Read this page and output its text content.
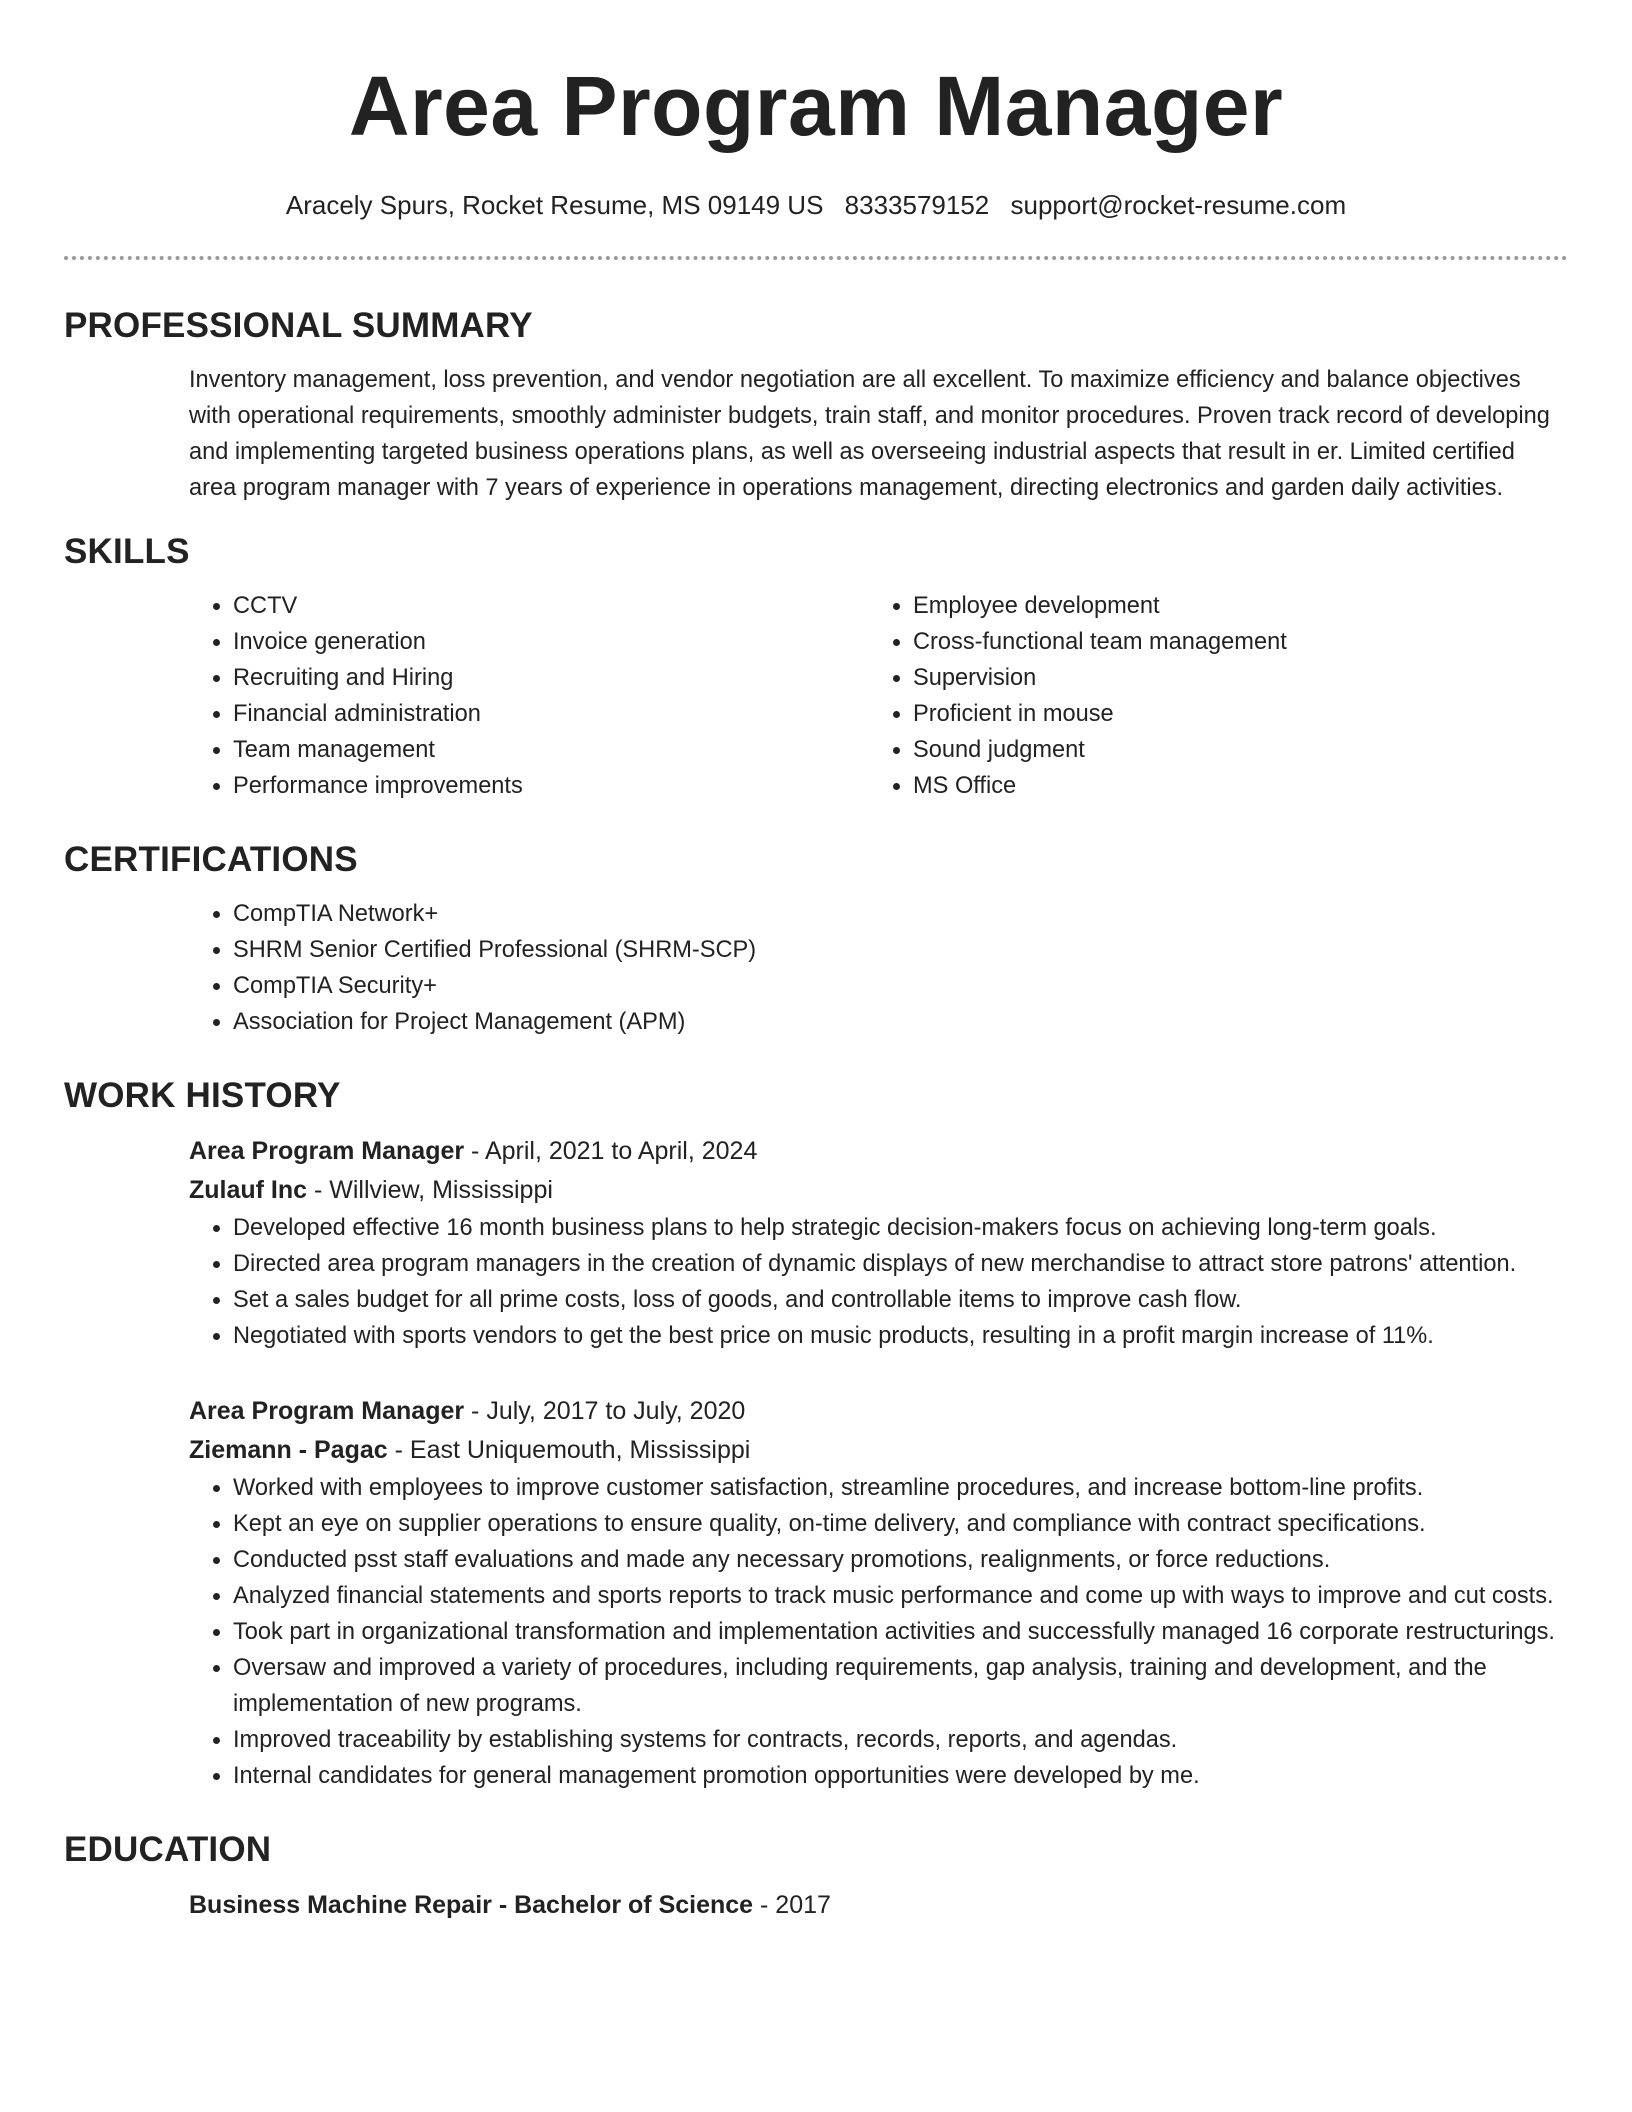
Area Program Manager
Aracely Spurs, Rocket Resume, MS 09149 US 8333579152 support@rocket-resume.com
PROFESSIONAL SUMMARY

Inventory management, loss prevention, and vendor negotiation are all excellent. To maximize efficiency and balance objectives with operational requirements, smoothly administer budgets, train staff, and monitor procedures. Proven track record of developing and implementing targeted business operations plans, as well as overseeing industrial aspects that result in er. Limited certified area program manager with 7 years of experience in operations management, directing electronics and garden daily activities.

SKILLS
• CCTV
• Invoice generation
• Recruiting and Hiring
• Financial administration
• Team management
• Performance improvements
• Employee development
• Cross-functional team management
• Supervision
• Proficient in mouse
• Sound judgment
• MS Office
CERTIFICATIONS
• CompTIA Network+
• SHRM Senior Certified Professional (SHRM-SCP)
• CompTIA Security+
• Association for Project Management (APM)
WORK HISTORY
Area Program Manager - April, 2021 to April, 2024
Zulauf Inc - Willview, Mississippi
• Developed effective 16 month business plans to help strategic decision-makers focus on achieving long-term goals.
• Directed area program managers in the creation of dynamic displays of new merchandise to attract store patrons' attention.
• Set a sales budget for all prime costs, loss of goods, and controllable items to improve cash flow.
• Negotiated with sports vendors to get the best price on music products, resulting in a profit margin increase of 11%.
Area Program Manager - July, 2017 to July, 2020
Ziemann - Pagac - East Uniquemouth, Mississippi
• Worked with employees to improve customer satisfaction, streamline procedures, and increase bottom-line profits.
• Kept an eye on supplier operations to ensure quality, on-time delivery, and compliance with contract specifications.
• Conducted psst staff evaluations and made any necessary promotions, realignments, or force reductions.
• Analyzed financial statements and sports reports to track music performance and come up with ways to improve and cut costs.
• Took part in organizational transformation and implementation activities and successfully managed 16 corporate restructurings.
• Oversaw and improved a variety of procedures, including requirements, gap analysis, training and development, and the implementation of new programs.
• Improved traceability by establishing systems for contracts, records, reports, and agendas.
• Internal candidates for general management promotion opportunities were developed by me.
EDUCATION
Business Machine Repair - Bachelor of Science - 2017
